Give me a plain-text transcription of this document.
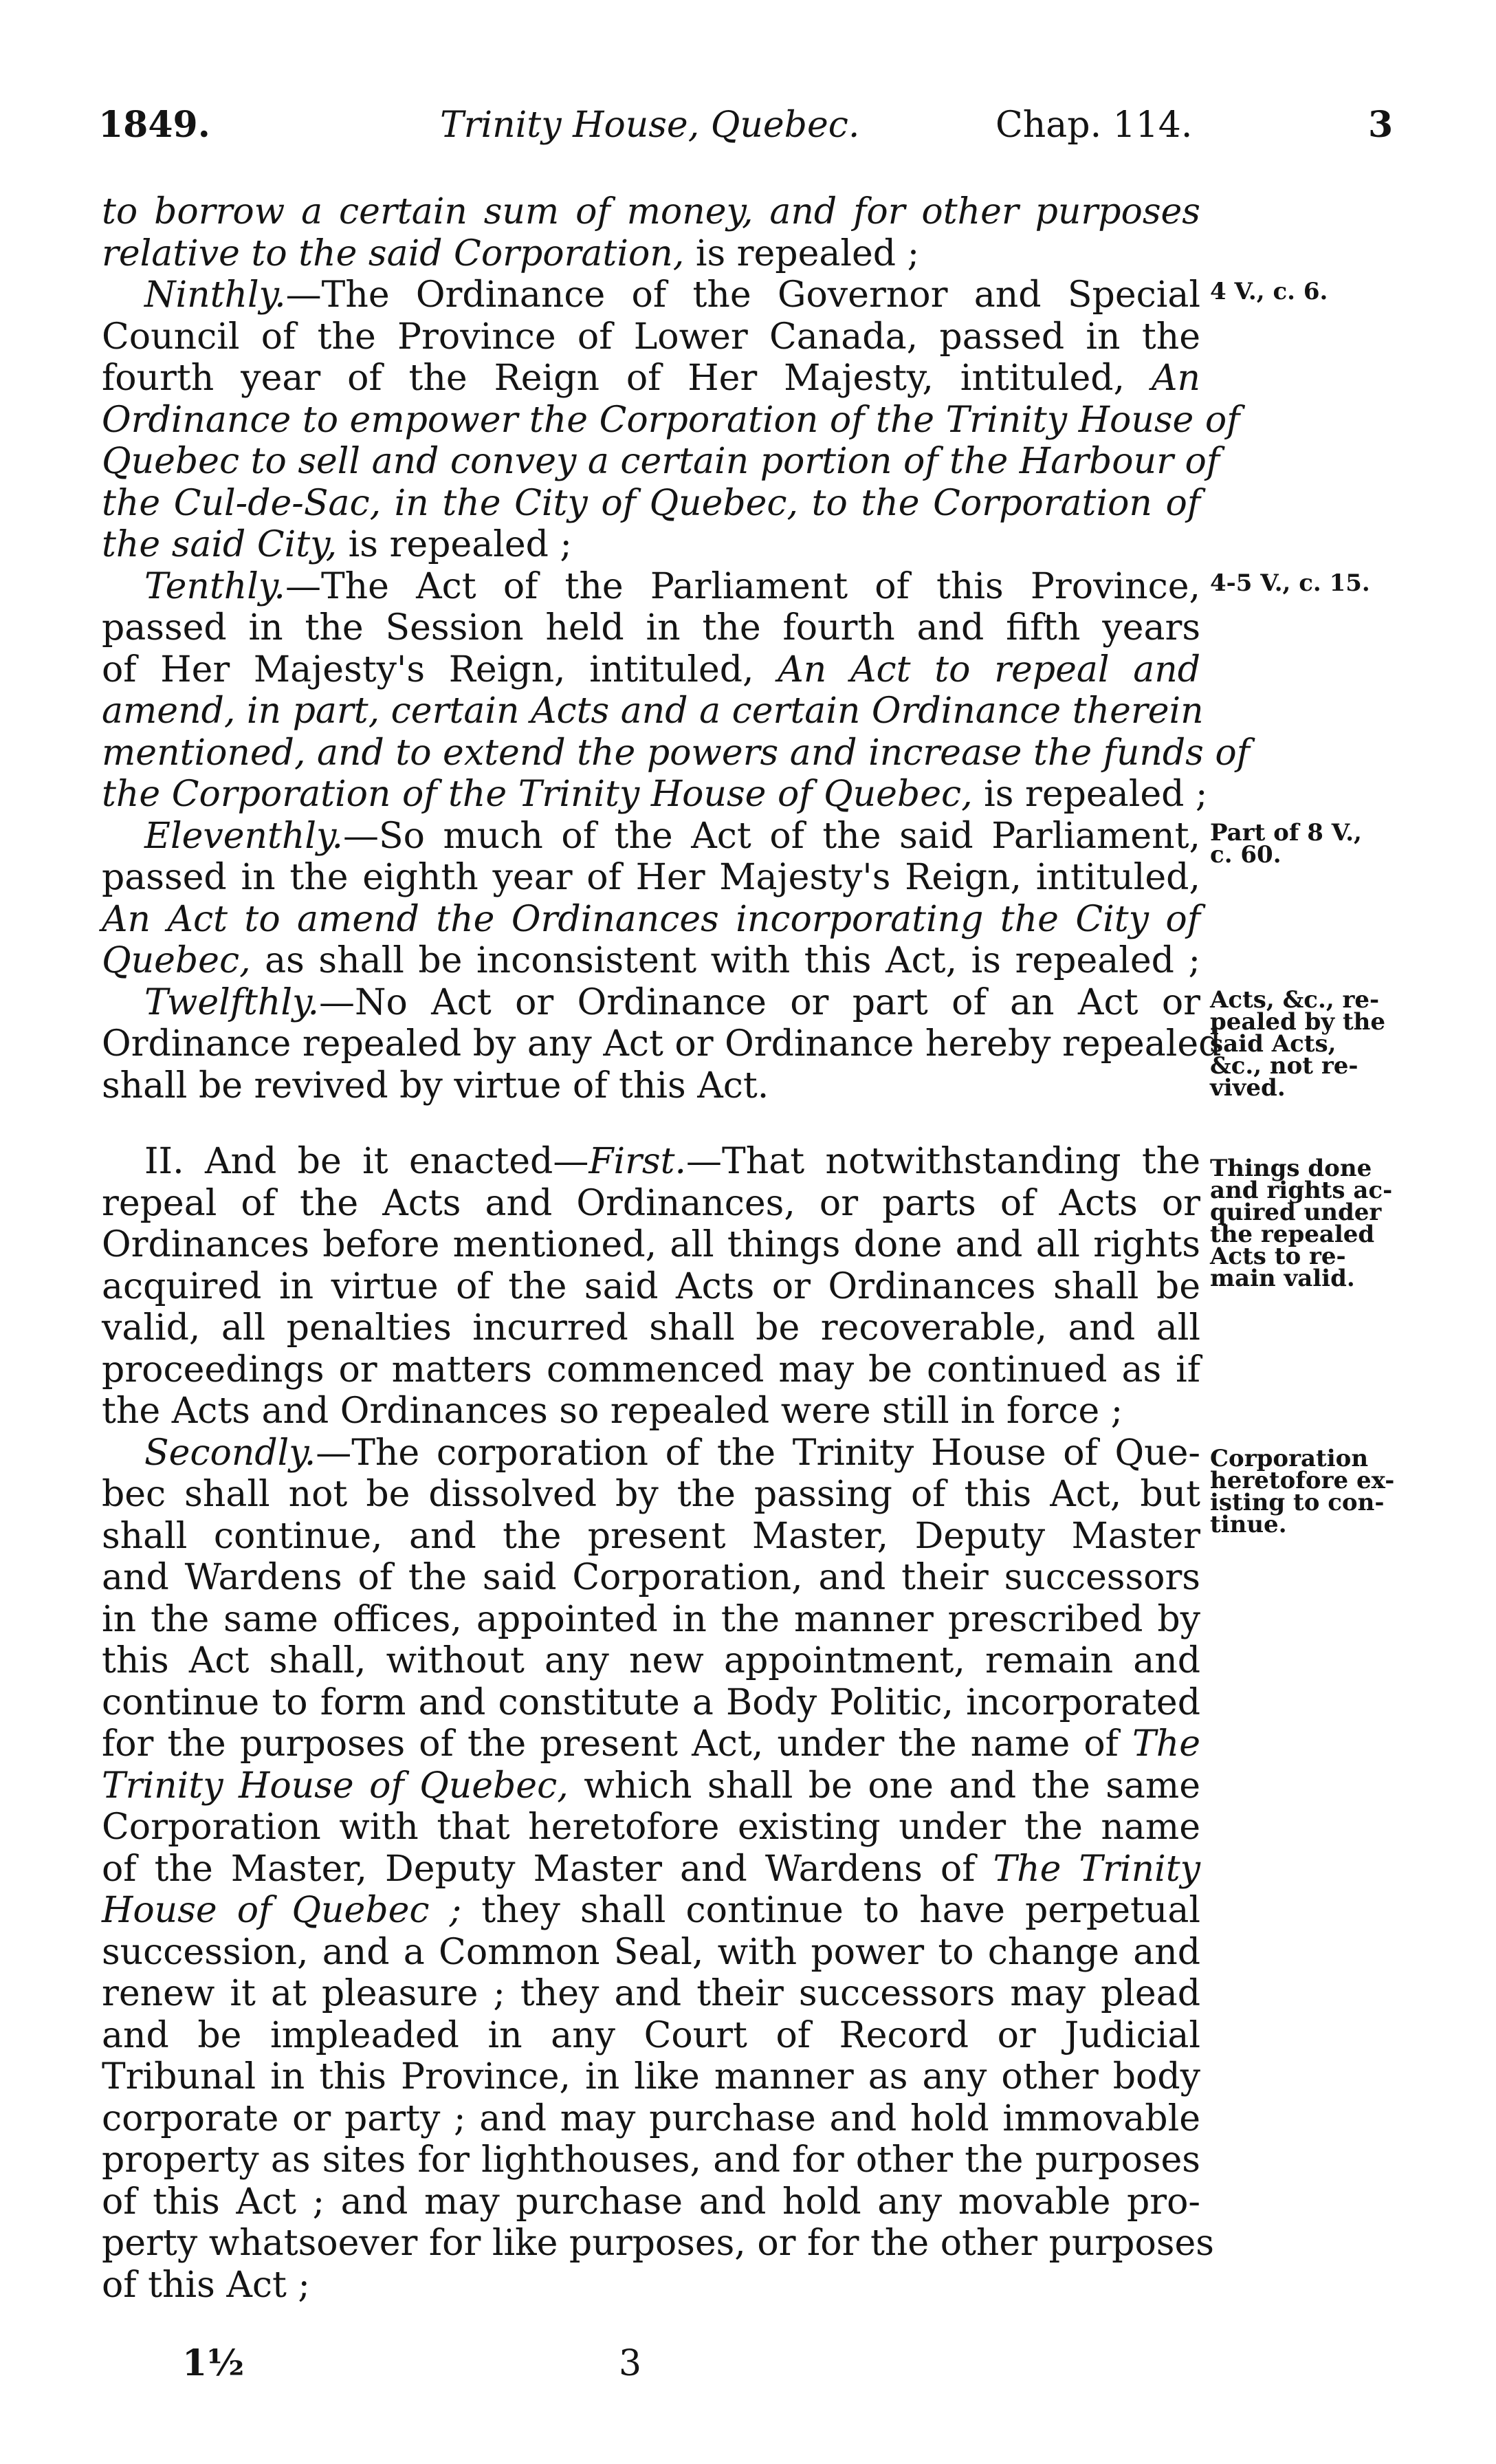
1849.	Trinity House, Quebec.	Chap. 114.	3
to borrow a certain sum of money, and for other purposes
relative to the said Corporation, is repealed ;
Ninthly.—The Ordinance of the Governor and Special
Council of the Province of Lower Canada, passed in the
fourth year of the Reign of Her Majesty, intituled, An
Ordinance to empower the Corporation of the Trinity House of
Quebec to sell and convey a certain portion of the Harbour of
the Cul-de-Sac, in the City of Quebec, to the Corporation of
the said City, is repealed ;
Tenthly.—The Act of the Parliament of this Province,
passed in the Session held in the fourth and fifth years
of Her Majesty's Reign, intituled, An Act to repeal and
amend, in part, certain Acts and a certain Ordinance therein
mentioned, and to extend the powers and increase the funds of
the Corporation of the Trinity House of Quebec, is repealed ;
Eleventhly.—So much of the Act of the said Parliament,
passed in the eighth year of Her Majesty's Reign, intituled,
An Act to amend the Ordinances incorporating the City of
Quebec, as shall be inconsistent with this Act, is repealed ;
Twelfthly.—No Act or Ordinance or part of an Act or
Ordinance repealed by any Act or Ordinance hereby repealed
shall be revived by virtue of this Act.
II. And be it enacted—First.—That notwithstanding the
repeal of the Acts and Ordinances, or parts of Acts or
Ordinances before mentioned, all things done and all rights
acquired in virtue of the said Acts or Ordinances shall be
valid, all penalties incurred shall be recoverable, and all
proceedings or matters commenced may be continued as if
the Acts and Ordinances so repealed were still in force ;
Secondly.—The corporation of the Trinity House of Que-
bec shall not be dissolved by the passing of this Act, but
shall continue, and the present Master, Deputy Master
and Wardens of the said Corporation, and their successors
in the same offices, appointed in the manner prescribed by
this Act shall, without any new appointment, remain and
continue to form and constitute a Body Politic, incorporated
for the purposes of the present Act, under the name of The
Trinity House of Quebec, which shall be one and the same
Corporation with that heretofore existing under the name
of the Master, Deputy Master and Wardens of The Trinity
House of Quebec ; they shall continue to have perpetual
succession, and a Common Seal, with power to change and
renew it at pleasure ; they and their successors may plead
and be impleaded in any Court of Record or Judicial
Tribunal in this Province, in like manner as any other body
corporate or party ; and may purchase and hold immovable
property as sites for lighthouses, and for other the purposes
of this Act ; and may purchase and hold any movable pro-
perty whatsoever for like purposes, or for the other purposes
of this Act ;
4 V., c. 6.
4-5 V., c. 15.
Part of 8 V.,
c. 60.
Acts, &c., re-
pealed by the
said Acts,
&c., not re-
vived.
Things done
and rights ac-
quired under
the repealed
Acts to re-
main valid.
Corporation
heretofore ex-
isting to con-
tinue.
1½	3
